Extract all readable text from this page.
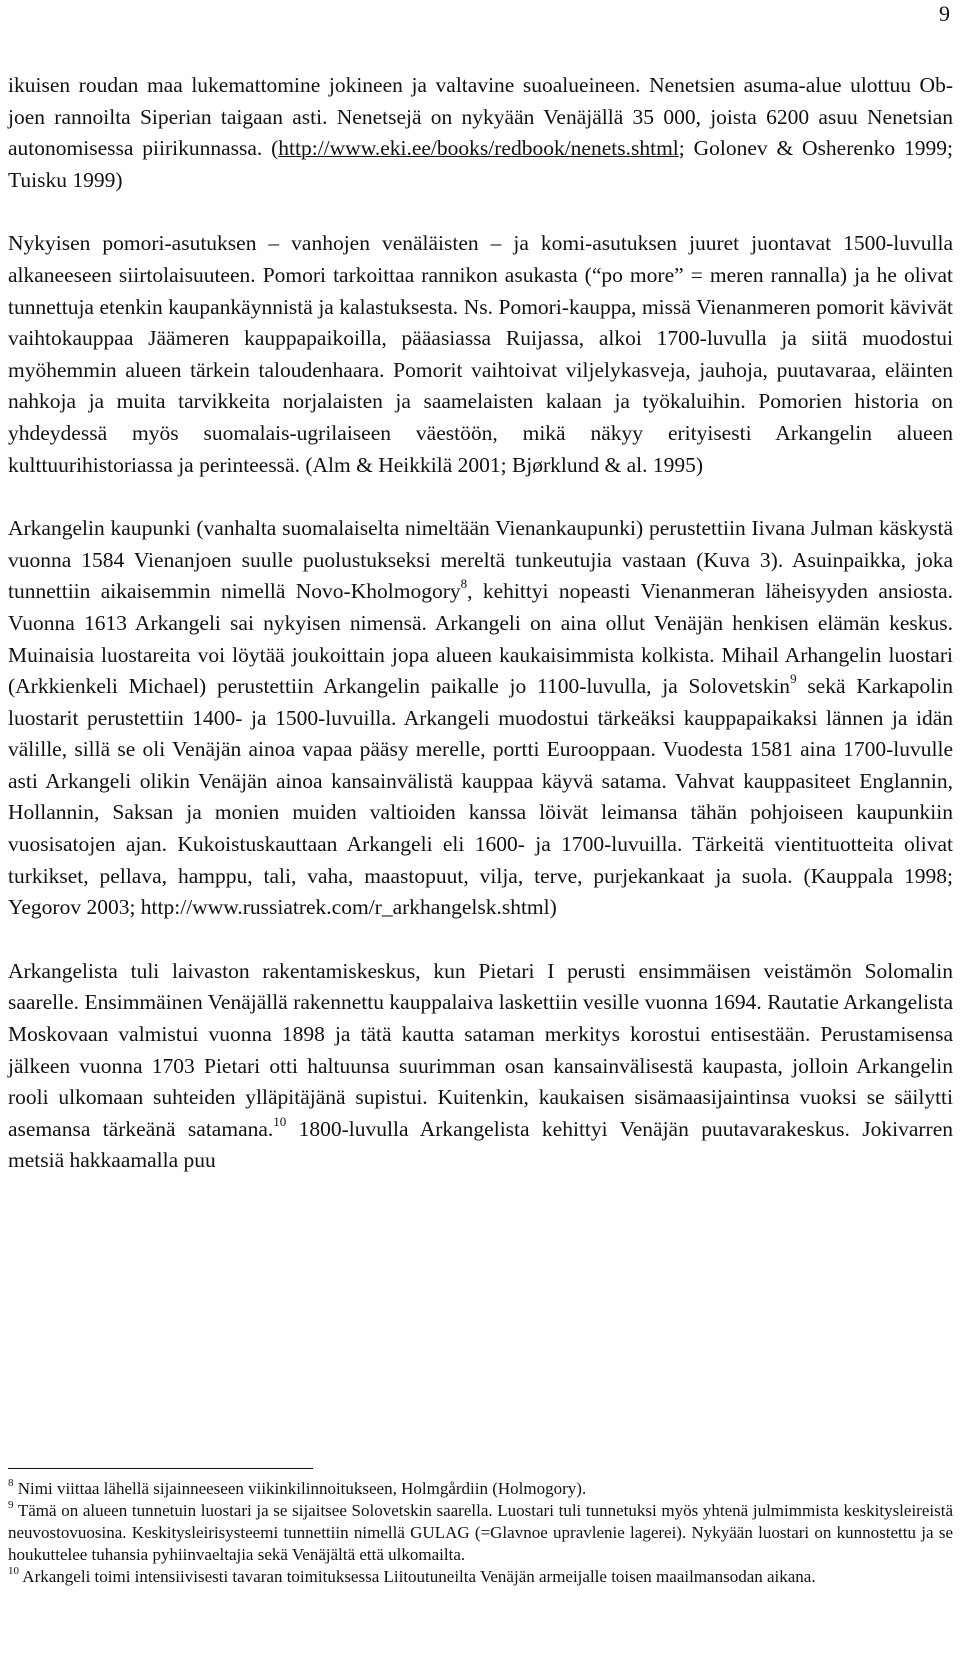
9

ikuisen roudan maa lukemattomine jokineen ja valtavine suoalueineen. Nenetsien asuma-alue ulottuu Ob-joen rannoilta Siperian taigaan asti. Nenetsejä on nykyään Venäjällä 35 000, joista 6200 asuu Nenetsian autonomisessa piirikunnassa. (http://www.eki.ee/books/redbook/nenets.shtml; Golonev & Osherenko 1999; Tuisku 1999)

Nykyisen pomori-asutuksen – vanhojen venäläisten – ja komi-asutuksen juuret juontavat 1500-luvulla alkaneeseen siirtolaisuuteen. Pomori tarkoittaa rannikon asukasta (“po more” = meren rannalla) ja he olivat tunnettuja etenkin kaupankäynnistä ja kalastuksesta. Ns. Pomori-kauppa, missä Vienanmeren pomorit kävivät vaihtokauppaa Jäämeren kauppapaikoilla, pääasiassa Ruijassa, alkoi 1700-luvulla ja siitä muodostui myöhemmin alueen tärkein taloudenhaara. Pomorit vaihtoivat viljelykasveja, jauhoja, puutavaraa, eläinten nahkoja ja muita tarvikkeita norjalaisten ja saamelaisten kalaan ja työkaluihin. Pomorien historia on yhdeydessä myös suomalais-ugrilaiseen väestöön, mikä näkyy erityisesti Arkangelin alueen kulttuurihistoriassa ja perinteessä. (Alm & Heikkilä 2001; Bjørklund & al. 1995)

Arkangelin kaupunki (vanhalta suomalaiselta nimeltään Vienankaupunki) perustettiin Iivana Julman käskystä vuonna 1584 Vienanjoen suulle puolustukseksi mereltä tunkeutujia vastaan (Kuva 3). Asuinpaikka, joka tunnettiin aikaisemmin nimellä Novo-Kholmogory$^8$, kehittyi nopeasti Vienanmeran läheisyyden ansiosta. Vuonna 1613 Arkangeli sai nykyisen nimensä. Arkangeli on aina ollut Venäjän henkisen elämän keskus. Muinaisia luostareita voi löytää joukoittain jopa alueen kaukaisimmista kolkista. Mihail Arhangelin luostari (Arkkienkeli Michael) perustettiin Arkangelin paikalle jo 1100-luvulla, ja Solovetskin$^9$ sekä Karkapolin luostarit perustettiin 1400- ja 1500-luvuilla. Arkangeli muodostui tärkeäksi kauppapaikaksi lännen ja idän välille, sillä se oli Venäjän ainoa vapaa pääsy merelle, portti Eurooppaan. Vuodesta 1581 aina 1700-luvulle asti Arkangeli olikin Venäjän ainoa kansainvälistä kauppaa käyvä satama. Vahvat kauppasiteet Englannin, Hollannin, Saksan ja monien muiden valtioiden kanssa löivät leimansa tähän pohjoiseen kaupunkiin vuosisatojen ajan. Kukoistuskauttaan Arkangeli eli 1600- ja 1700-luvuilla. Tärkeitä vientituotteita olivat turkikset, pellava, hamppu, tali, vaha, maastopuut, vilja, terve, purjekankaat ja suola. (Kauppala 1998; Yegorov 2003; http://www.russiatrek.com/r_arkhangelsk.shtml)

Arkangelista tuli laivaston rakentamiskeskus, kun Pietari I perusti ensimmäisen veistämön Solomalin saarelle. Ensimmäinen Venäjällä rakennettu kauppalaiva laskettiin vesille vuonna 1694. Rautatie Arkangelista Moskovaan valmistui vuonna 1898 ja tätä kautta sataman merkitys korostui entisestään. Perustamisensa jälkeen vuonna 1703 Pietari otti haltuunsa suurimman osan kansainvälisestä kaupasta, jolloin Arkangelin rooli ulkomaan suhteiden ylläpitäjänä supistui. Kuitenkin, kaukaisen sisämaasijaintinsa vuoksi se säilytti asemansa tärkeänä satamana.$^{10}$ 1800-luvulla Arkangelista kehittyi Venäjän puutavarakeskus. Jokivarren metsiä hakkaamalla puu

$^8$ Nimi viittaa lähellä sijainneeseen viikinkilinnoitukseen, Holmgårdiin (Holmogory).

$^9$ Tämä on alueen tunnetuin luostari ja se sijaitsee Solovetskin saarella. Luostari tuli tunnetuksi myös yhtenä julmimmista keskitysleireistä neuvostovuosina. Keskitysleirisysteemi tunnettiin nimellä GULAG (=Glavnoe upravlenie lagerei). Nykyään luostari on kunnostettu ja se houkuttelee tuhansia pyhiinvaeltajia sekä Venäjältä että ulkomailta.

$^{10}$ Arkangeli toimi intensiivisesti tavaran toimituksessa Liitoutuneilta Venäjän armeijalle toisen maailmansodan aikana.
